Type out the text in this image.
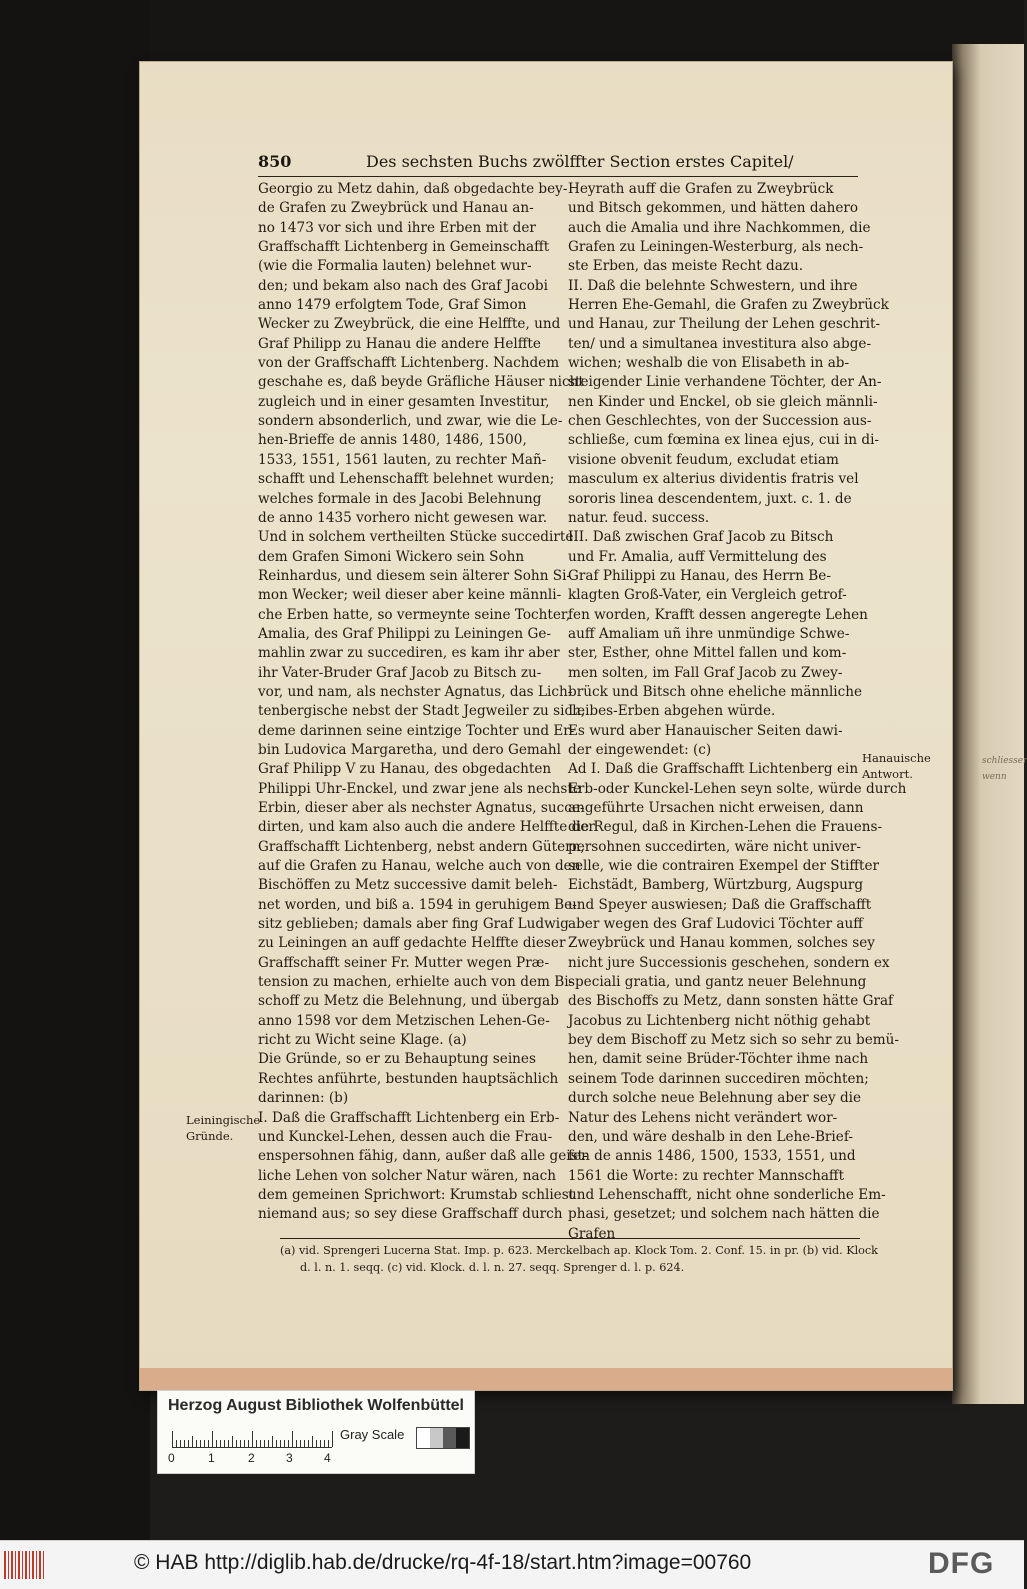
schliesser
wenn
850	Des sechsten Buchs zwölffter Section erstes Capitel/
Georgio zu Metz dahin, daß obgedachte bey-
de Grafen zu Zweybrück und Hanau an-
no 1473 vor sich und ihre Erben mit der
Graffschafft Lichtenberg in Gemeinschafft
(wie die Formalia lauten) belehnet wur-
den; und bekam also nach des Graf Jacobi
anno 1479 erfolgtem Tode, Graf Simon
Wecker zu Zweybrück, die eine Helffte, und
Graf Philipp zu Hanau die andere Helffte
von der Graffschafft Lichtenberg. Nachdem
geschahe es, daß beyde Gräfliche Häuser nicht
zugleich und in einer gesamten Investitur,
sondern absonderlich, und zwar, wie die Le-
hen-Brieffe de annis 1480, 1486, 1500,
1533, 1551, 1561 lauten, zu rechter Mañ-
schafft und Lehenschafft belehnet wurden;
welches formale in des Jacobi Belehnung
de anno 1435 vorhero nicht gewesen war.
Und in solchem vertheilten Stücke succedirte
dem Grafen Simoni Wickero sein Sohn
Reinhardus, und diesem sein älterer Sohn Si-
mon Wecker; weil dieser aber keine männli-
che Erben hatte, so vermeynte seine Tochter,
Amalia, des Graf Philippi zu Leiningen Ge-
mahlin zwar zu succediren, es kam ihr aber
ihr Vater-Bruder Graf Jacob zu Bitsch zu-
vor, und nam, als nechster Agnatus, das Lich-
tenbergische nebst der Stadt Jegweiler zu sich,
deme darinnen seine eintzige Tochter und Er-
bin Ludovica Margaretha, und dero Gemahl
Graf Philipp V zu Hanau, des obgedachten
Philippi Uhr-Enckel, und zwar jene als nechste
Erbin, dieser aber als nechster Agnatus, succe-
dirten, und kam also auch die andere Helffte der
Graffschafft Lichtenberg, nebst andern Gütern,
auf die Grafen zu Hanau, welche auch von den
Bischöffen zu Metz successive damit beleh-
net worden, und biß a. 1594 in geruhigem Be-
sitz geblieben; damals aber fing Graf Ludwig
zu Leiningen an auff gedachte Helffte dieser
Graffschafft seiner Fr. Mutter wegen Præ-
tension zu machen, erhielte auch von dem Bi-
schoff zu Metz die Belehnung, und übergab
anno 1598 vor dem Metzischen Lehen-Ge-
richt zu Wicht seine Klage. (a)
Die Gründe, so er zu Behauptung seines
Rechtes anführte, bestunden hauptsächlich
darinnen: (b)
I. Daß die Graffschafft Lichtenberg ein Erb-
und Kunckel-Lehen, dessen auch die Frau-
enspersohnen fähig, dann, außer daß alle geist-
liche Lehen von solcher Natur wären, nach
dem gemeinen Sprichwort: Krumstab schliest
niemand aus; so sey diese Graffschaff durch
Heyrath auff die Grafen zu Zweybrück
und Bitsch gekommen, und hätten dahero
auch die Amalia und ihre Nachkommen, die
Grafen zu Leiningen-Westerburg, als nech-
ste Erben, das meiste Recht dazu.
II. Daß die belehnte Schwestern, und ihre
Herren Ehe-Gemahl, die Grafen zu Zweybrück
und Hanau, zur Theilung der Lehen geschrit-
ten/ und a simultanea investitura also abge-
wichen; weshalb die von Elisabeth in ab-
steigender Linie verhandene Töchter, der An-
nen Kinder und Enckel, ob sie gleich männli-
chen Geschlechtes, von der Succession aus-
schließe, cum fœmina ex linea ejus, cui in di-
visione obvenit feudum, excludat etiam
masculum ex alterius dividentis fratris vel
sororis linea descendentem, juxt. c. 1. de
natur. feud. success.
III. Daß zwischen Graf Jacob zu Bitsch
und Fr. Amalia, auff Vermittelung des
Graf Philippi zu Hanau, des Herrn Be-
klagten Groß-Vater, ein Vergleich getrof-
fen worden, Krafft dessen angeregte Lehen
auff Amaliam uñ ihre unmündige Schwe-
ster, Esther, ohne Mittel fallen und kom-
men solten, im Fall Graf Jacob zu Zwey-
brück und Bitsch ohne eheliche männliche
Leibes-Erben abgehen würde.
Es wurd aber Hanauischer Seiten dawi-
der eingewendet: (c)
Ad I. Daß die Graffschafft Lichtenberg ein
Erb-oder Kunckel-Lehen seyn solte, würde durch
angeführte Ursachen nicht erweisen, dann
die Regul, daß in Kirchen-Lehen die Frauens-
persohnen succedirten, wäre nicht univer-
selle, wie die contrairen Exempel der Stiffter
Eichstädt, Bamberg, Würtzburg, Augspurg
und Speyer auswiesen; Daß die Graffschafft
aber wegen des Graf Ludovici Töchter auff
Zweybrück und Hanau kommen, solches sey
nicht jure Successionis geschehen, sondern ex
speciali gratia, und gantz neuer Belehnung
des Bischoffs zu Metz, dann sonsten hätte Graf
Jacobus zu Lichtenberg nicht nöthig gehabt
bey dem Bischoff zu Metz sich so sehr zu bemü-
hen, damit seine Brüder-Töchter ihme nach
seinem Tode darinnen succediren möchten;
durch solche neue Belehnung aber sey die
Natur des Lehens nicht verändert wor-
den, und wäre deshalb in den Lehe-Brief-
fen de annis 1486, 1500, 1533, 1551, und
1561 die Worte: zu rechter Mannschafft
und Lehenschafft, nicht ohne sonderliche Em-
phasi, gesetzet; und solchem nach hätten die
Grafen
Leiningische
Gründe.
Hanauische
Antwort.
(a) vid. Sprengeri Lucerna Stat. Imp. p. 623. Merckelbach ap. Klock Tom. 2. Conf. 15. in pr. (b) vid. Klock
d. l. n. 1. seqq. (c) vid. Klock. d. l. n. 27. seqq. Sprenger d. l. p. 624.
Herzog August Bibliothek Wolfenbüttel
0	1	2	3	4
Gray Scale
© HAB http://diglib.hab.de/drucke/rq-4f-18/start.htm?image=00760	DFG
